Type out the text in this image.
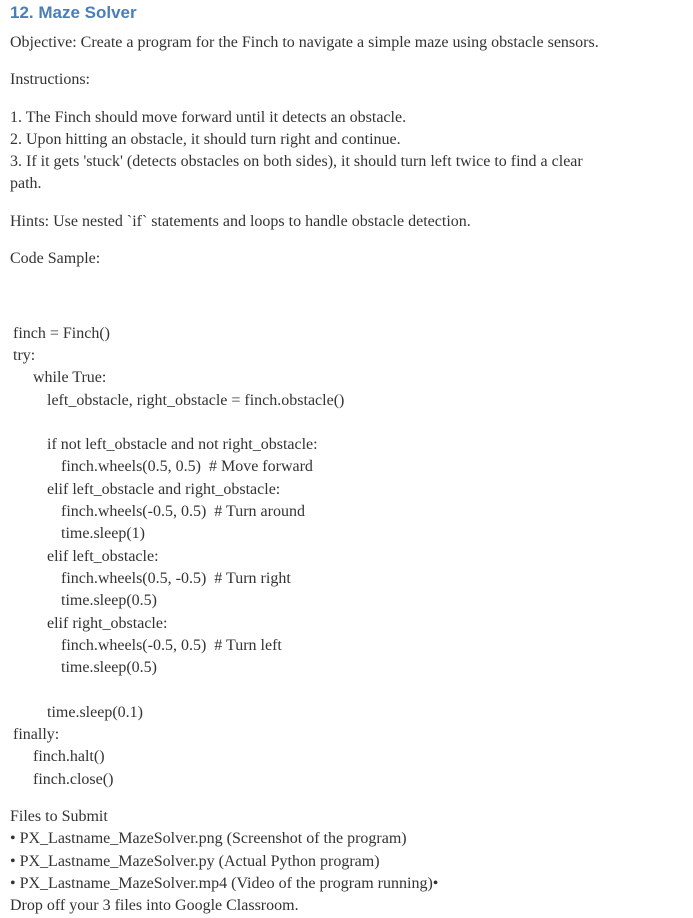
12. Maze Solver
Objective: Create a program for the Finch to navigate a simple maze using obstacle sensors.
Instructions:
1. The Finch should move forward until it detects an obstacle.
2. Upon hitting an obstacle, it should turn right and continue.
3. If it gets 'stuck' (detects obstacles on both sides), it should turn left twice to find a clear
path.
Hints: Use nested `if` statements and loops to handle obstacle detection.
Code Sample:
finch = Finch()
try:
while True:
left_obstacle, right_obstacle = finch.obstacle()
if not left_obstacle and not right_obstacle:
finch.wheels(0.5, 0.5)  # Move forward
elif left_obstacle and right_obstacle:
finch.wheels(-0.5, 0.5)  # Turn around
time.sleep(1)
elif left_obstacle:
finch.wheels(0.5, -0.5)  # Turn right
time.sleep(0.5)
elif right_obstacle:
finch.wheels(-0.5, 0.5)  # Turn left
time.sleep(0.5)
time.sleep(0.1)
finally:
finch.halt()
finch.close()
Files to Submit
• PX_Lastname_MazeSolver.png (Screenshot of the program)
• PX_Lastname_MazeSolver.py (Actual Python program)
• PX_Lastname_MazeSolver.mp4 (Video of the program running)•
Drop off your 3 files into Google Classroom.
